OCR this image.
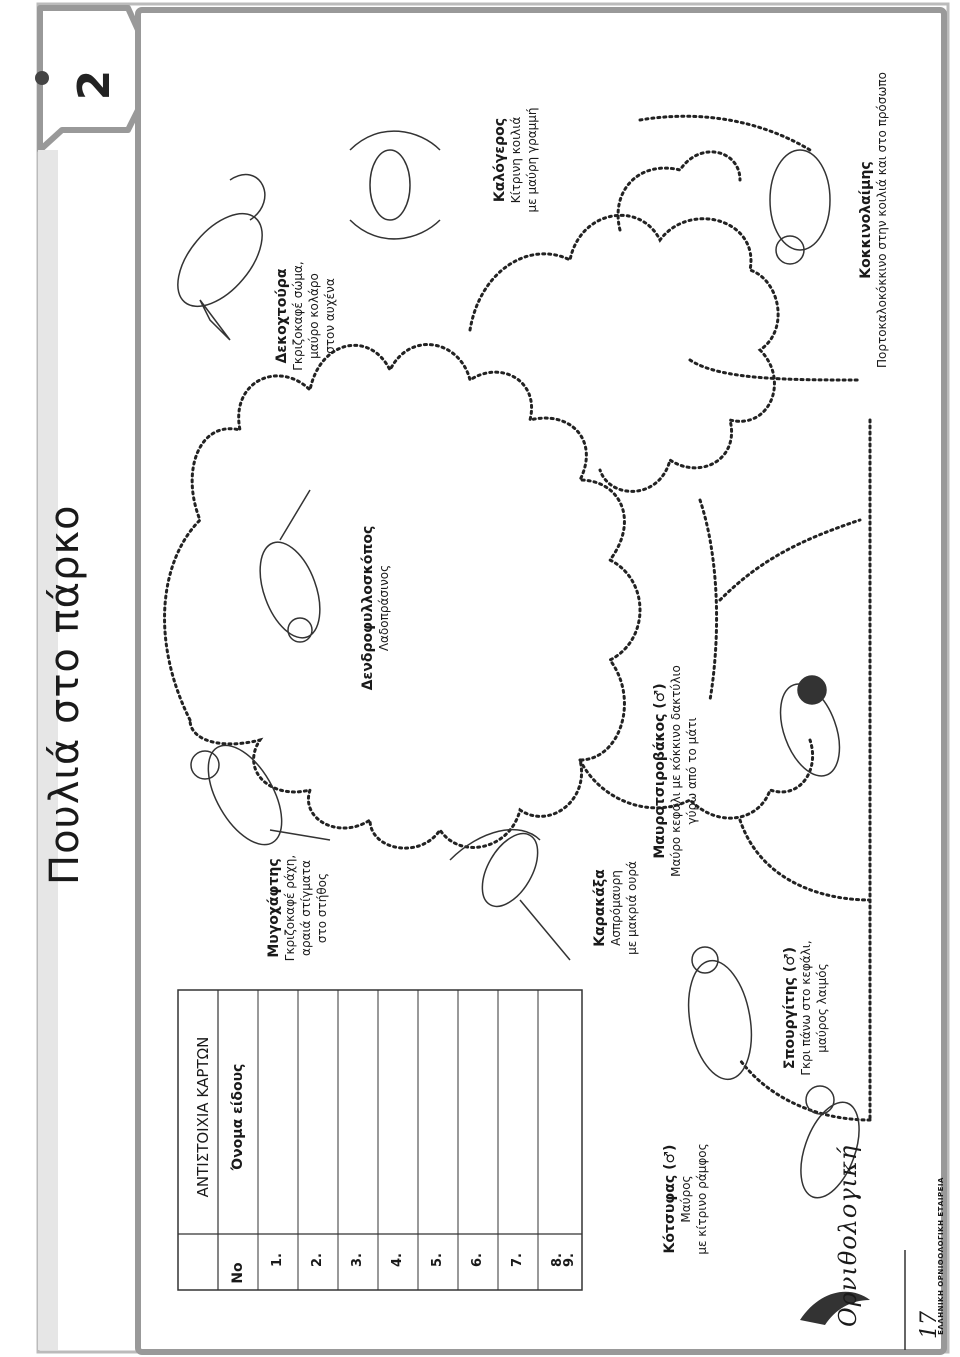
Πουλιά στο πάρκο
2
ΑΝΤΙΣΤΟΙΧΙΑ ΚΑΡΤΩΝ
Νο
Όνομα είδους
1. 2. 3. 4. 5. 6. 7. 8.
9.
Μυγοχάφτης Γκριζοκαφέ ράχη, αραιά στίγματα στο στήθος
Δενδροφυλλοσκόπος Λαδοπράσινος
Δεκοχτούρα Γκριζοκαφέ σώμα, μαύρο κολάρο στον αυχένα
Καλόγερος Κίτρινη κοιλιά με μαύρη γραμμή
Καρακάξα Ασπρόμαυρη με μακριά ουρά
Μαυροτσιροβάκος (♂) Μαύρο κεφάλι με κόκκινο δακτύλιο γύρω από το μάτι
Κοκκινολαίμης Πορτοκαλοκόκκινο στην κοιλιά και στο πρόσωπο
Κότσυφας (♂) Μαύρος με κίτρινο ράμφος
Σπουργίτης (♂) Γκρι πάνω στο κεφάλι, μαύρος λαιμός
Ορνιθολογική	ΕΛΛΗΝΙΚΗ ΟΡΝΙΘΟΛΟΓΙΚΗ ΕΤΑΙΡΕΙΑ
17
